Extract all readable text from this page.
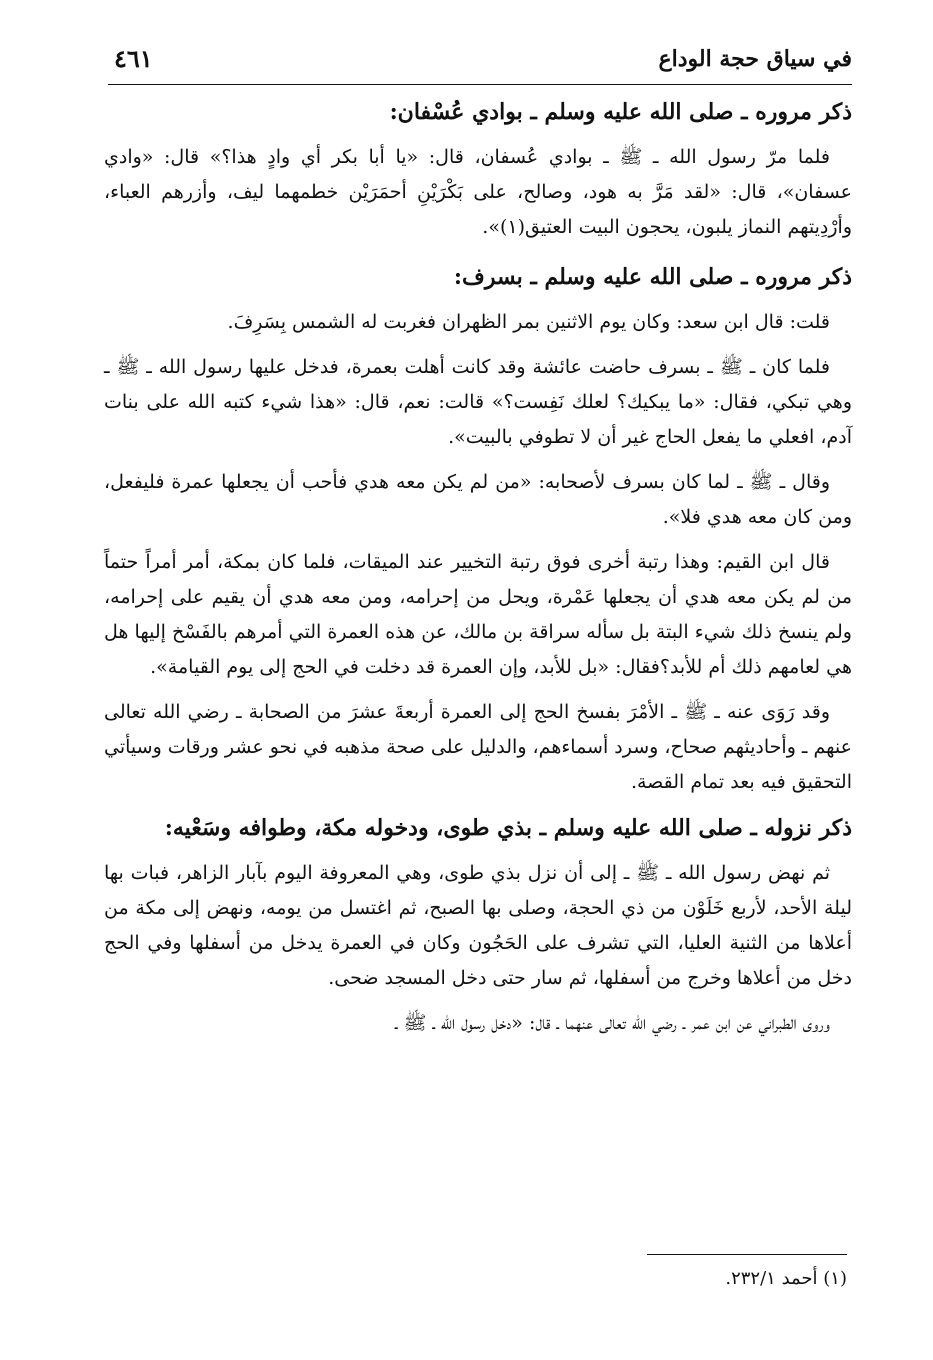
في سياق حجة الوداع
٤٦١
ذكر مروره ـ صلى الله عليه وسلم ـ بوادي عُسْفان:

فلما مرّ رسول الله ـ ﷺ ـ بوادي عُسفان، قال: «يا أبا بكر أي وادٍ هذا؟» قال: «وادي عسفان»، قال: «لقد مَرَّ به هود، وصالح، على بَكْرَيْنِ أحمَرَيْن خطمهما ليف، وأزرهم العباء، وأرْدِيتهم النماز يلبون، يحجون البيت العتيق(١)».

ذكر مروره ـ صلى الله عليه وسلم ـ بسرف:

قلت: قال ابن سعد: وكان يوم الاثنين بمر الظهران فغربت له الشمس بِسَرِفَ.

فلما كان ـ ﷺ ـ بسرف حاضت عائشة وقد كانت أهلت بعمرة، فدخل عليها رسول الله ـ ﷺ ـ وهي تبكي، فقال: «ما يبكيك؟ لعلك نَفِست؟» قالت: نعم، قال: «هذا شيء كتبه الله على بنات آدم، افعلي ما يفعل الحاج غير أن لا تطوفي بالبيت».

وقال ـ ﷺ ـ لما كان بسرف لأصحابه: «من لم يكن معه هدي فأحب أن يجعلها عمرة فليفعل، ومن كان معه هدي فلا».

قال ابن القيم: وهذا رتبة أخرى فوق رتبة التخيير عند الميقات، فلما كان بمكة، أمر أمراً حتماً من لم يكن معه هدي أن يجعلها عَمْرة، ويحل من إحرامه، ومن معه هدي أن يقيم على إحرامه، ولم ينسخ ذلك شيء البتة بل سأله سراقة بن مالك، عن هذه العمرة التي أمرهم بالفَسْخ إليها هل هي لعامهم ذلك أم للأبد؟فقال: «بل للأبد، وإن العمرة قد دخلت في الحج إلى يوم القيامة».

وقد رَوَى عنه ـ ﷺ ـ الأمْرَ بفسخ الحج إلى العمرة أربعةَ عشرَ من الصحابة ـ رضي الله تعالى عنهم ـ وأحاديثهم صحاح، وسرد أسماءهم، والدليل على صحة مذهبه في نحو عشر ورقات وسيأتي التحقيق فيه بعد تمام القصة.

ذكر نزوله ـ صلى الله عليه وسلم ـ بذي طوى، ودخوله مكة، وطوافه وسَعْيه:

ثم نهض رسول الله ـ ﷺ ـ إلى أن نزل بذي طوى، وهي المعروفة اليوم بآبار الزاهر، فبات بها ليلة الأحد، لأربع خَلَوْن من ذي الحجة، وصلى بها الصبح، ثم اغتسل من يومه، ونهض إلى مكة من أعلاها من الثنية العليا، التي تشرف على الحَجُون وكان في العمرة يدخل من أسفلها وفي الحج دخل من أعلاها وخرج من أسفلها، ثم سار حتى دخل المسجد ضحى.

وروى الطبراني عن ابن عمر ـ رضي الله تعالى عنهما ـ قال: «دخل رسول الله ـ ﷺ ـ

(١) أحمد ٢٣٢/١.
